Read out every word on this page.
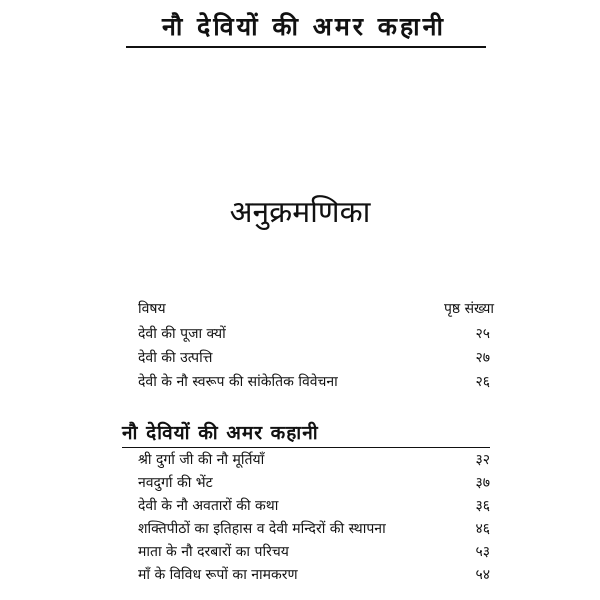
नौ देवियों की अमर कहानी
अनुक्रमणिका
विषय	पृष्ठ संख्या
देवी की पूजा क्यों	२५
देवी की उत्पत्ति	२७
देवी के नौ स्वरूप की सांकेतिक विवेचना	२६
नौ देवियों की अमर कहानी
श्री दुर्गा जी की नौ मूर्तियाँ	३२
नवदुर्गा की भेंट	३७
देवी के नौ अवतारों की कथा	३६
शक्तिपीठों का इतिहास व देवी मन्दिरों की स्थापना	४६
माता के नौ दरबारों का परिचय	५३
माँ के विविध रूपों का नामकरण	५४
